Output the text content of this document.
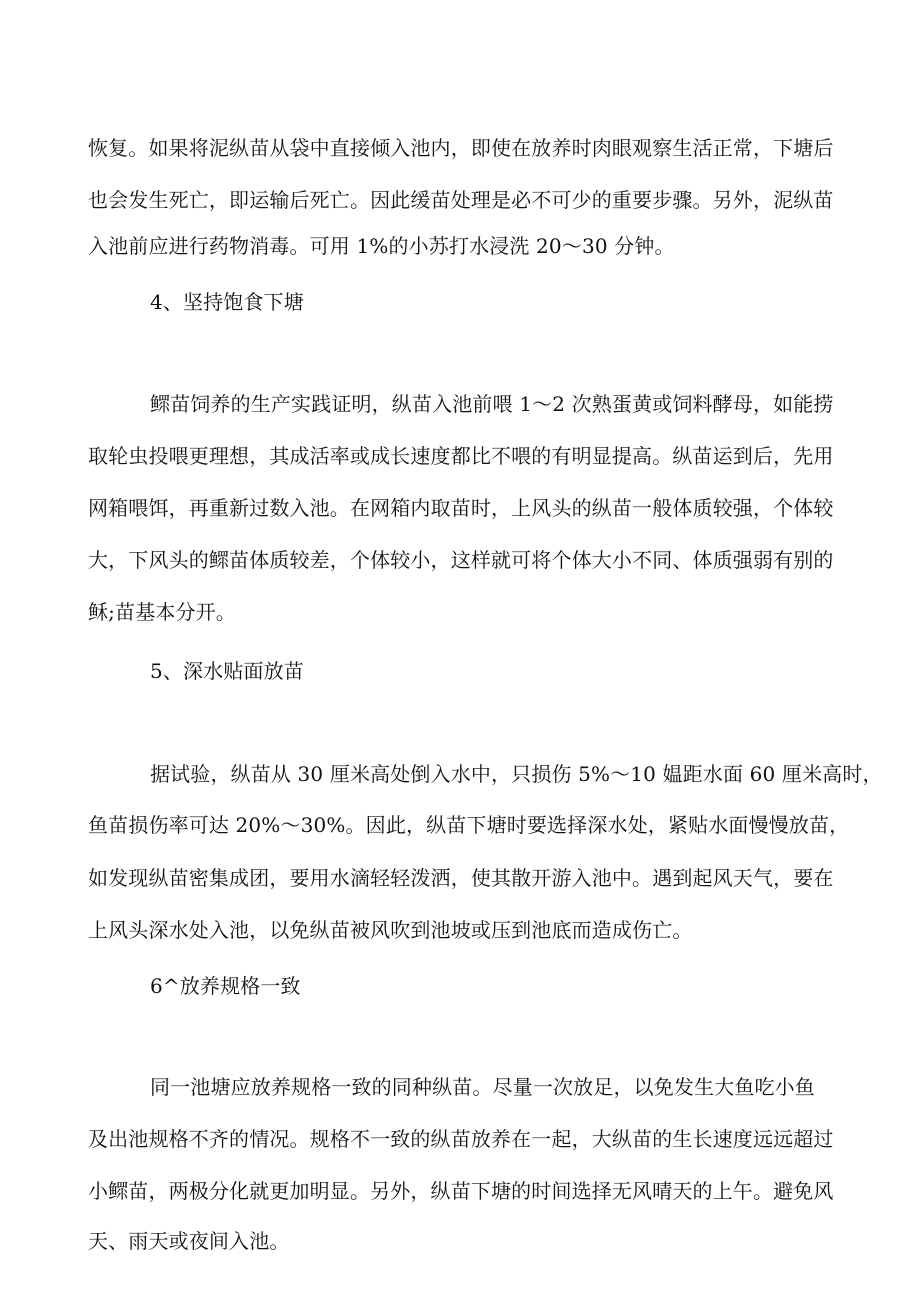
恢复。如果将泥纵苗从袋中直接倾入池内，即使在放养时肉眼观察生活正常，下塘后
也会发生死亡，即运输后死亡。因此缓苗处理是必不可少的重要步骤。另外，泥纵苗
入池前应进行药物消毒。可用 1%的小苏打水浸洗 20～30 分钟。
4、坚持饱食下塘
鳏苗饲养的生产实践证明，纵苗入池前喂 1～2 次熟蛋黄或饲料酵母，如能捞
取轮虫投喂更理想，其成活率或成长速度都比不喂的有明显提高。纵苗运到后，先用
网箱喂饵，再重新过数入池。在网箱内取苗时，上风头的纵苗一般体质较强，个体较
大，下风头的鳏苗体质较差，个体较小，这样就可将个体大小不同、体质强弱有别的
稣;苗基本分开。
5、深水贴面放苗
据试验，纵苗从 30 厘米高处倒入水中，只损伤 5%～10 媪距水面 60 厘米高时，
鱼苗损伤率可达 20%～30%。因此，纵苗下塘时要选择深水处，紧贴水面慢慢放苗，
如发现纵苗密集成团，要用水滴轻轻泼洒，使其散开游入池中。遇到起风天气，要在
上风头深水处入池，以免纵苗被风吹到池坡或压到池底而造成伤亡。
6^放养规格一致
同一池塘应放养规格一致的同种纵苗。尽量一次放足，以免发生大鱼吃小鱼
及出池规格不齐的情况。规格不一致的纵苗放养在一起，大纵苗的生长速度远远超过
小鳏苗，两极分化就更加明显。另外，纵苗下塘的时间选择无风晴天的上午。避免风
天、雨天或夜间入池。
